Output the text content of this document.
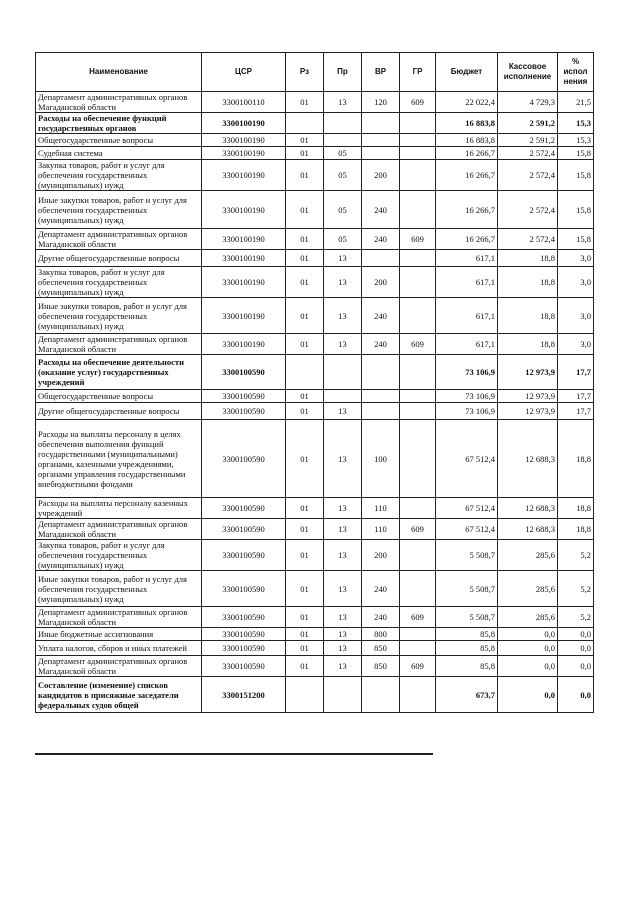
Наименование	ЦСР	Рз	Пр	ВР	ГР	Бюджет	Кассовое исполнение	% испол нения
Департамент административных органов Магаданской области	3300100110	01	13	120	609	22 022,4	4 729,3	21,5
Расходы на обеспечение функций государственных органов	3300100190					16 883,8	2 591,2	15,3
Общегосударственные вопросы	3300100190	01				16 883,8	2 591,2	15,3
Судебная система	3300100190	01	05			16 266,7	2 572,4	15,8
Закупка товаров, работ и услуг для обеспечения государственных (муниципальных) нужд	3300100190	01	05	200		16 266,7	2 572,4	15,8
Иные закупки товаров, работ и услуг для обеспечения государственных (муниципальных) нужд	3300100190	01	05	240		16 266,7	2 572,4	15,8
Департамент административных органов Магаданской области	3300100190	01	05	240	609	16 266,7	2 572,4	15,8
Другие общегосударственные вопросы	3300100190	01	13			617,1	18,8	3,0
Закупка товаров, работ и услуг для обеспечения государственных (муниципальных) нужд	3300100190	01	13	200		617,1	18,8	3,0
Иные закупки товаров, работ и услуг для обеспечения государственных (муниципальных) нужд	3300100190	01	13	240		617,1	18,8	3,0
Департамент административных органов Магаданской области	3300100190	01	13	240	609	617,1	18,8	3,0
Расходы на обеспечение деятельности (оказание услуг) государственных учреждений	3300100590					73 106,9	12 973,9	17,7
Общегосударственные вопросы	3300100590	01				73 106,9	12 973,9	17,7
Другие общегосударственные вопросы	3300100590	01	13			73 106,9	12 973,9	17,7
Расходы на выплаты персоналу в целях обеспечения выполнения функций государственными (муниципальными) органами, казенными учреждениями, органами управления государственными внебюджетными фондами	3300100590	01	13	100		67 512,4	12 688,3	18,8
Расходы на выплаты персоналу казенных учреждений	3300100590	01	13	110		67 512,4	12 688,3	18,8
Департамент административных органов Магаданской области	3300100590	01	13	110	609	67 512,4	12 688,3	18,8
Закупка товаров, работ и услуг для обеспечения государственных (муниципальных) нужд	3300100590	01	13	200		5 508,7	285,6	5,2
Иные закупки товаров, работ и услуг для обеспечения государственных (муниципальных) нужд	3300100590	01	13	240		5 508,7	285,6	5,2
Департамент административных органов Магаданской области	3300100590	01	13	240	609	5 508,7	285,6	5,2
Иные бюджетные ассигнования	3300100590	01	13	800		85,8	0,0	0,0
Уплата налогов, сборов и иных платежей	3300100590	01	13	850		85,8	0,0	0,0
Департамент административных органов Магаданской области	3300100590	01	13	850	609	85,8	0,0	0,0
Составление (изменение) списков кандидатов в присяжные заседатели федеральных судов общей	3300151200					673,7	0,0	0,0
